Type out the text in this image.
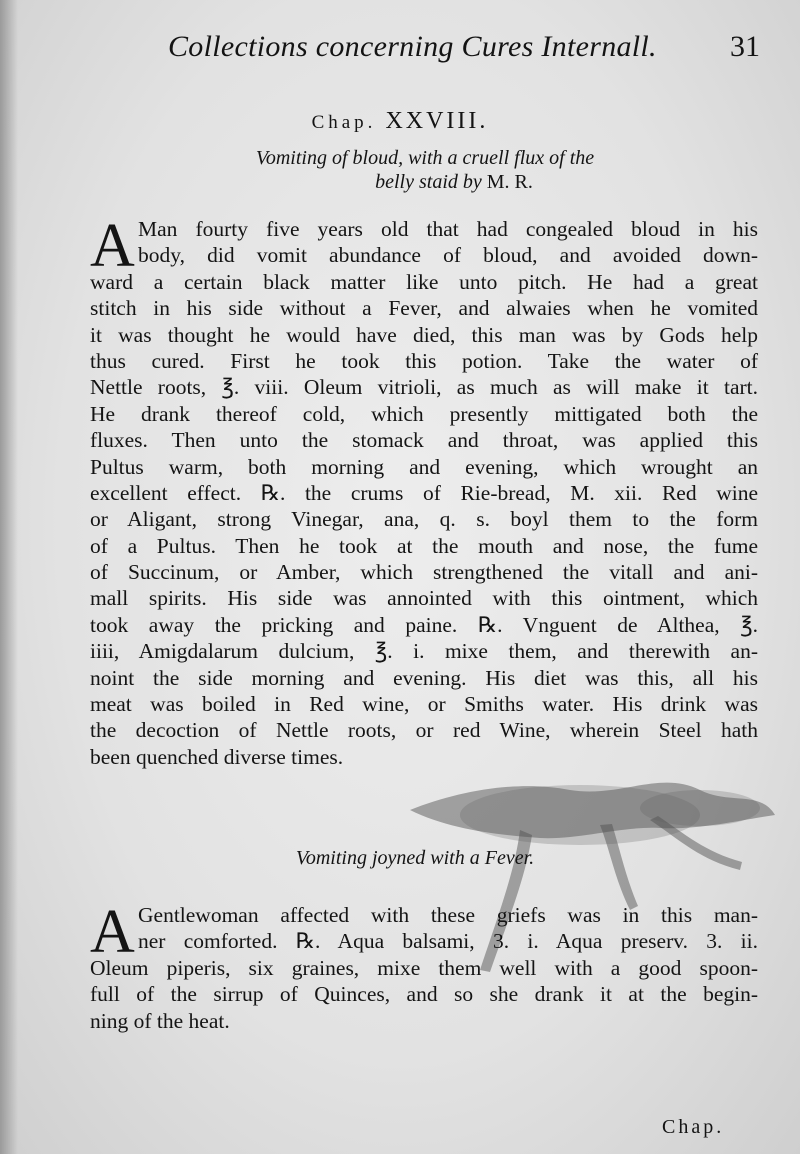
Collections concerning Cures Internall. 31
Chap. XXVIII.
Vomiting of bloud, with a cruell flux of the
belly staid by M. R.
A Man fourty five years old that had congealed bloud in his
body, did vomit abundance of bloud, and avoided down-
ward a certain black matter like unto pitch. He had a great
stitch in his side without a Fever, and alwaies when he vomited
it was thought he would have died, this man was by Gods help
thus cured. First he took this potion. Take the water of
Nettle roots, ℥. viii. Oleum vitrioli, as much as will make it tart.
He drank thereof cold, which presently mittigated both the
fluxes. Then unto the stomack and throat, was applied this
Pultus warm, both morning and evening, which wrought an
excellent effect. ℞. the crums of Rie-bread, M. xii. Red wine
or Aligant, strong Vinegar, ana, q. s. boyl them to the form
of a Pultus. Then he took at the mouth and nose, the fume
of Succinum, or Amber, which strengthened the vitall and ani-
mall spirits. His side was annointed with this ointment, which
took away the pricking and paine. ℞. Vnguent de Althea, ℥.
iiii, Amigdalarum dulcium, ℥. i. mixe them, and therewith an-
noint the side morning and evening. His diet was this, all his
meat was boiled in Red wine, or Smiths water. His drink was
the decoction of Nettle roots, or red Wine, wherein Steel hath
been quenched diverse times.
Vomiting joyned with a Fever.
A Gentlewoman affected with these griefs was in this man-
ner comforted. ℞. Aqua balsami, 3. i. Aqua preserv. 3. ii.
Oleum piperis, six graines, mixe them well with a good spoon-
full of the sirrup of Quinces, and so she drank it at the begin-
ning of the heat.
Chap.
